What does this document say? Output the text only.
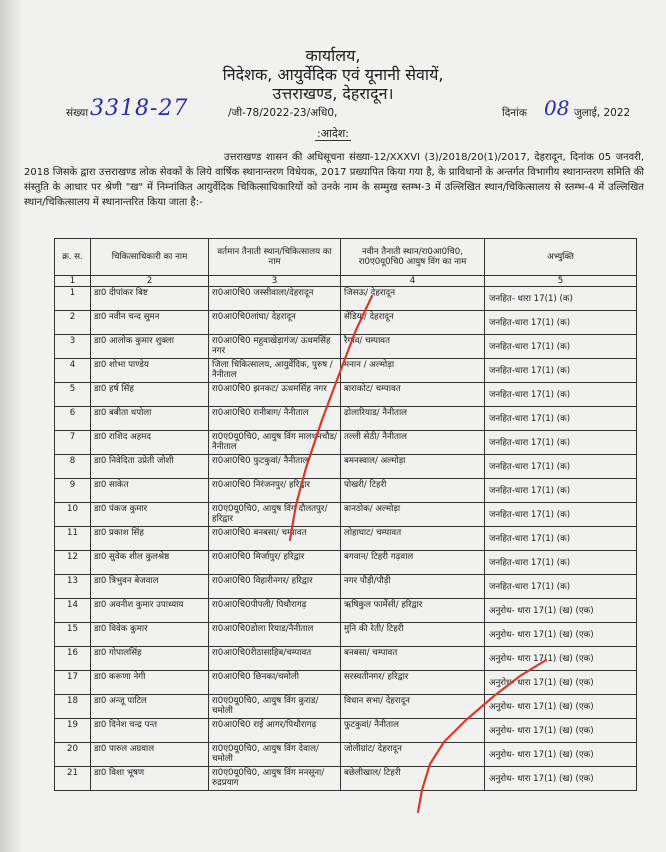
कार्यालय,
निदेशक, आयुर्वेदिक एवं यूनानी सेवायें,
उत्तराखण्ड, देहरादून।
संख्या 3318-27	/जी-78/2022-23/अधि0,	दिनांक 08 जुलाई, 2022
:आदेश:
उत्तराखण्ड शासन की अधिसूचना संख्या-12/XXXVI (3)/2018/20(1)/2017, देहरादून, दिनांक 05 जनवरी, 2018 जिसके द्वारा उत्तराखण्ड लोक सेवकों के लिये वार्षिक स्थानान्तरण विधेयक, 2017 प्रख्यापित किया गया है, के प्राविधानों के अन्तर्गत विभागीय स्थानान्तरण समिति की संस्तुति के आधार पर श्रेणी "ख" में निम्नांकित आयुर्वेदिक चिकित्साधिकारियों को उनके नाम के सम्मुख स्तम्भ-3 में उल्लिखित स्थान/चिकित्सालय से स्तम्भ-4 में उल्लिखित स्थान/चिकित्सालय में स्थानान्तरित किया जाता है:-
क्र. स.	चिकित्साधिकारी का नाम	वर्तमान तैनाती स्थान/चिकित्सालय का नाम	नवीन तैनाती स्थान/रा0आ0चि0, रा0ए0यू0चि0 आयुष विंग का नाम	अभ्युक्ति
1	2	3	4	5
1	डा0 दीपांकर बिष्ट	रा0आ0चि0 जस्सीवाला/देहरादून	जिसऊ/ देहरादून	जनहित- धारा 17(1) (क)
2	डा0 नवीन चन्द सुमन	रा0आ0चि0लांघा/ देहरादून	सेंडिया/ देहरादून	जनहित-धारा 17(1) (क)
3	डा0 आलोक कुमार शुक्ला	रा0आ0चि0 महुवाखेड़ागंज/ ऊधमसिंह नगर	रैगांव/ चम्पावत	जनहित-धारा 17(1) (क)
4	डा0 शोभा पाण्डेय	जिला चिकित्सालय, आयुर्वेदिक, पुरुष / नैनीताल	मनान / अल्मोड़ा	जनहित-धारा 17(1) (क)
5	डा0 हर्ष सिंह	रा0आ0चि0 झनकट/ ऊधमसिंह नगर	बाराकोट/ चम्पावत	जनहित-धारा 17(1) (क)
6	डा0 बबीता धपोला	रा0आ0चि0 रानीबाग/ नैनीताल	ढोलारियाड/ नैनीताल	जनहित-धारा 17(1) (क)
7	डा0 राशिद अहमद	रा0ए0यू0चि0, आयुष विंग मालधनचौड/नैनीताल	तल्ली सेठी/ नैनीताल	जनहित-धारा 17(1) (क)
8	डा0 निवेदिता उप्रेती जोशी	रा0आ0चि0 फुटकुवां/ नैनीताल	बमनस्वाल/ अल्मोड़ा	जनहित-धारा 17(1) (क)
9	डा0 साकेत	रा0आ0चि0 निरंजनपुर/ हरिद्वार	पोखरी/ टिहरी	जनहित-धारा 17(1) (क)
10	डा0 पंकज कुमार	रा0ए0यू0चि0, आयुष विंग दौलतपुर/ हरिद्वार	बानठोक/ अल्मोड़ा	जनहित-धारा 17(1) (क)
11	डा0 प्रकाश सिंह	रा0आ0चि0 बनबसा/ चम्पावत	लोहाघाट/ चम्पावत	जनहित-धारा 17(1) (क)
12	डा0 सुवेक शील कुलश्रेष्ठ	रा0आ0चि0 मिर्जापुर/ हरिद्वार	बगवान/ टिहरी गढ़वाल	जनहित-धारा 17(1) (क)
13	डा0 त्रिभुवन बेजवाल	रा0आ0चि0 विहारीनगर/ हरिद्वार	नगर पौड़ी/पौड़ी	जनहित-धारा 17(1) (क)
14	डा0 अवनीश कुमार उपाध्याय	रा0आ0चि0पीपली/ पिथौरागढ़	ऋषिकुल फार्मेसी/ हरिद्वार	अनुरोध- धारा 17(1) (ख) (एक)
15	डा0 विवेक कुमार	रा0आ0चि0डोला रियाड/नैनीताल	मुनि की रेती/ टिहरी	अनुरोध- धारा 17(1) (ख) (एक)
16	डा0 गोपालसिंह	रा0आ0चि0रीठासाहिब/चम्पावत	बनबसा/ चम्पावत	अनुरोध- धारा 17(1) (ख) (एक)
17	डा0 करूणा नेगी	रा0आ0चि0 छिनका/चमोली	सरस्वतीनगर/ हरिद्वार	अनुरोध- धारा 17(1) (ख) (एक)
18	डा0 अन्जू पाटिल	रा0ए0यू0चि0, आयुष विंग कुराड/चमोली	विधान सभा/ देहरादून	अनुरोध- धारा 17(1) (ख) (एक)
19	डा0 दिनेश चन्द्र पन्त	रा0आ0चि0 राई आगर/पिथौरागढ़	फुटकुवां/ नैनीताल	अनुरोध- धारा 17(1) (ख) (एक)
20	डा0 पारुल अग्रवाल	रा0ए0यू0चि0, आयुष विंग देवाल/चमोली	जोलीग्रांट/ देहरादून	अनुरोध- धारा 17(1) (ख) (एक)
21	डा0 विशा भूषण	रा0ए0यू0चि0, आयुष विंग मनसूना/रुद्रप्रयाग	बछेलीखाल/ टिहरी	अनुरोध- धारा 17(1) (ख) (एक)
